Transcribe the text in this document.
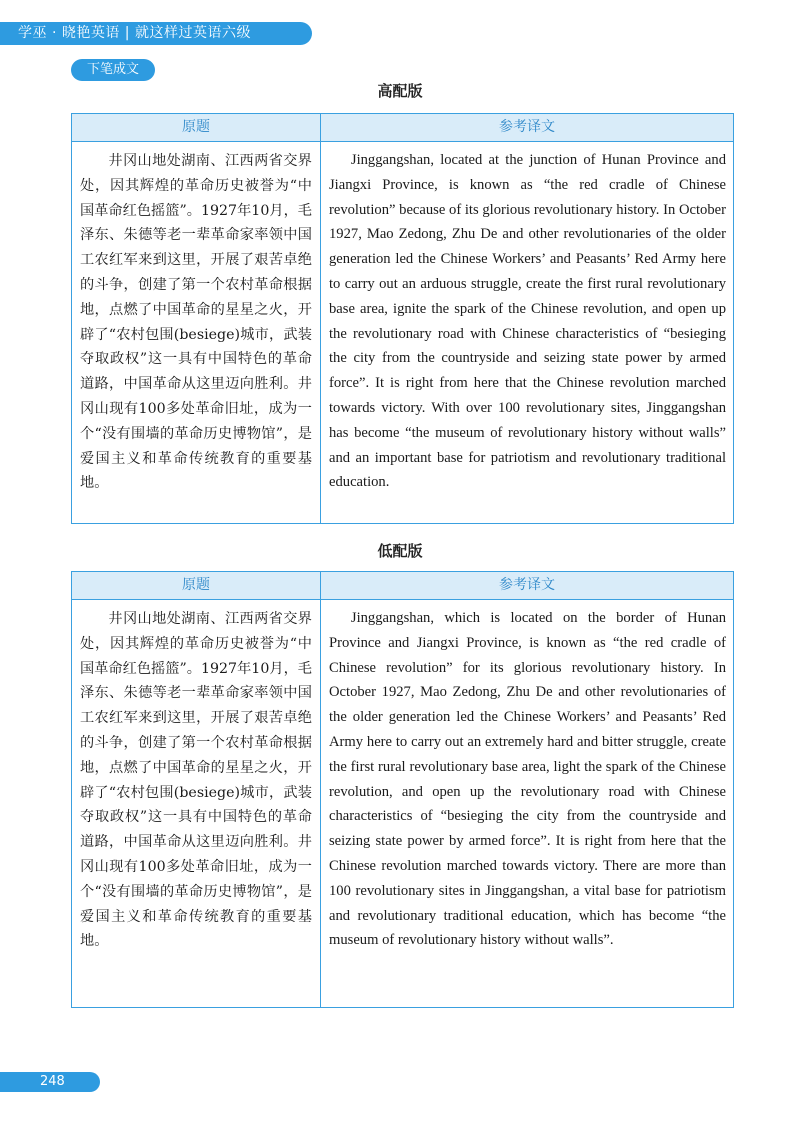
学巫 · 晓艳英语 | 就这样过英语六级
下笔成文
高配版
原题	参考译文
井冈山地处湖南、江西两省交界处，因其辉煌的革命历史被誉为“中国革命红色摇篮”。1927年10月，毛泽东、朱德等老一辈革命家率领中国工农红军来到这里，开展了艰苦卓绝的斗争，创建了第一个农村革命根据地，点燃了中国革命的星星之火，开辟了“农村包围(besiege)城市，武装夺取政权”这一具有中国特色的革命道路，中国革命从这里迈向胜利。井冈山现有100多处革命旧址，成为一个“没有围墙的革命历史博物馆”，是爱国主义和革命传统教育的重要基地。
Jinggangshan, located at the junction of Hunan Province and Jiangxi Province, is known as “the red cradle of Chinese revolution” because of its glorious revolutionary history. In October 1927, Mao Zedong, Zhu De and other revolutionaries of the older generation led the Chinese Workers’ and Peasants’ Red Army here to carry out an arduous struggle, create the first rural revolutionary base area, ignite the spark of the Chinese revolution, and open up the revolutionary road with Chinese characteristics of “besieging the city from the countryside and seizing state power by armed force”. It is right from here that the Chinese revolution marched towards victory. With over 100 revolutionary sites, Jinggangshan has become “the museum of revolutionary history without walls” and an important base for patriotism and revolutionary traditional education.
低配版
原题	参考译文
井冈山地处湖南、江西两省交界处，因其辉煌的革命历史被誉为“中国革命红色摇篮”。1927年10月，毛泽东、朱德等老一辈革命家率领中国工农红军来到这里，开展了艰苦卓绝的斗争，创建了第一个农村革命根据地，点燃了中国革命的星星之火，开辟了“农村包围(besiege)城市，武装夺取政权”这一具有中国特色的革命道路，中国革命从这里迈向胜利。井冈山现有100多处革命旧址，成为一个“没有围墙的革命历史博物馆”，是爱国主义和革命传统教育的重要基地。
Jinggangshan, which is located on the border of Hunan Province and Jiangxi Province, is known as “the red cradle of Chinese revolution” for its glorious revolutionary history. In October 1927, Mao Zedong, Zhu De and other revolutionaries of the older generation led the Chinese Workers’ and Peasants’ Red Army here to carry out an extremely hard and bitter struggle, create the first rural revolutionary base area, light the spark of the Chinese revolution, and open up the revolutionary road with Chinese characteristics of “besieging the city from the countryside and seizing state power by armed force”. It is right from here that the Chinese revolution marched towards victory. There are more than 100 revolutionary sites in Jinggangshan, a vital base for patriotism and revolutionary traditional education, which has become “the museum of revolutionary history without walls”.
248
